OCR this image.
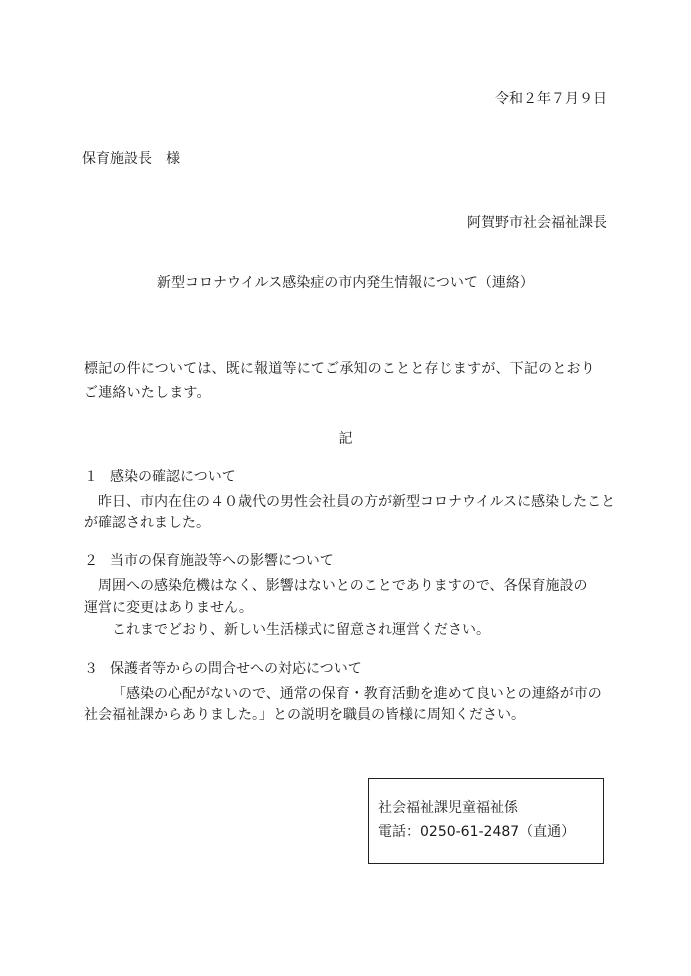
令和２年７月９日
保育施設長　様
阿賀野市社会福祉課長
新型コロナウイルス感染症の市内発生情報について（連絡）
標記の件については、既に報道等にてご承知のことと存じますが、下記のとおり
ご連絡いたします。
記
１ 感染の確認について
昨日、市内在住の４０歳代の男性会社員の方が新型コロナウイルスに感染したこと
が確認されました。
２ 当市の保育施設等への影響について
周囲への感染危機はなく、影響はないとのことでありますので、各保育施設の
運営に変更はありません。
これまでどおり、新しい生活様式に留意され運営ください。
３ 保護者等からの問合せへの対応について
「感染の心配がないので、通常の保育・教育活動を進めて良いとの連絡が市の
社会福祉課からありました。」との説明を職員の皆様に周知ください。
社会福祉課児童福祉係
電話：0250-61-2487（直通）
